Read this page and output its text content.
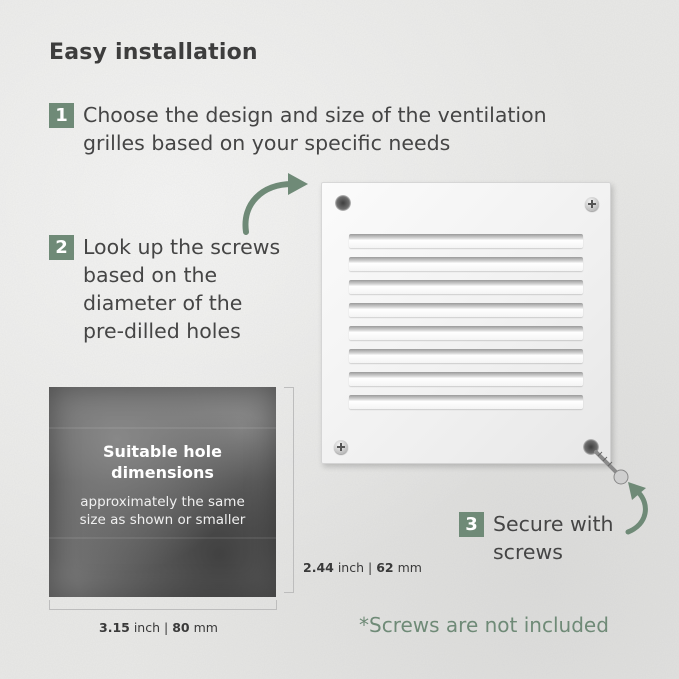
Easy installation
1 Choose the design and size of the ventilation
grilles based on your specific needs
2 Look up the screws
based on the
diameter of the
pre-dilled holes
3 Secure with
screws
Suitable hole
dimensions
approximately the same
size as shown or smaller
2.44 inch | 62 mm
3.15 inch | 80 mm	*Screws are not included
